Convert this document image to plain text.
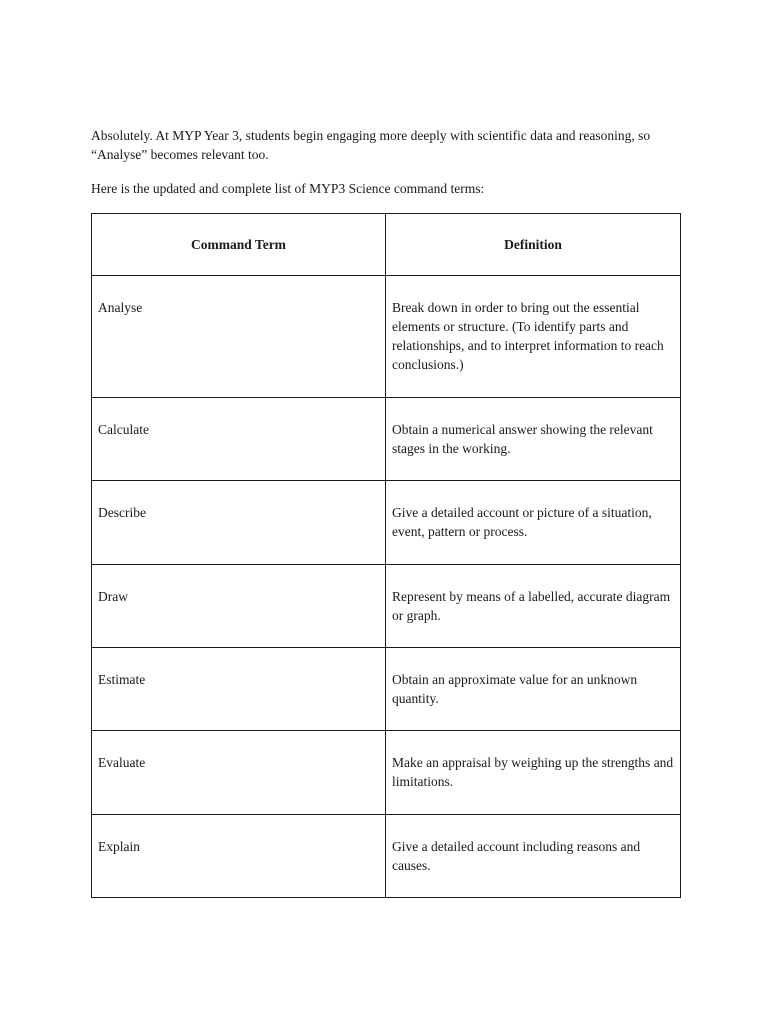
Absolutely. At MYP Year 3, students begin engaging more deeply with scientific data and reasoning, so
“Analyse” becomes relevant too.

Here is the updated and complete list of MYP3 Science command terms:

Command Term	Definition

Analyse	Break down in order to bring out the essential elements or structure. (To identify parts and relationships, and to interpret information to reach conclusions.)

Calculate	Obtain a numerical answer showing the relevant stages in the working.

Describe	Give a detailed account or picture of a situation, event, pattern or process.

Draw	Represent by means of a labelled, accurate diagram or graph.

Estimate	Obtain an approximate value for an unknown quantity.

Evaluate	Make an appraisal by weighing up the strengths and limitations.

Explain	Give a detailed account including reasons and causes.
